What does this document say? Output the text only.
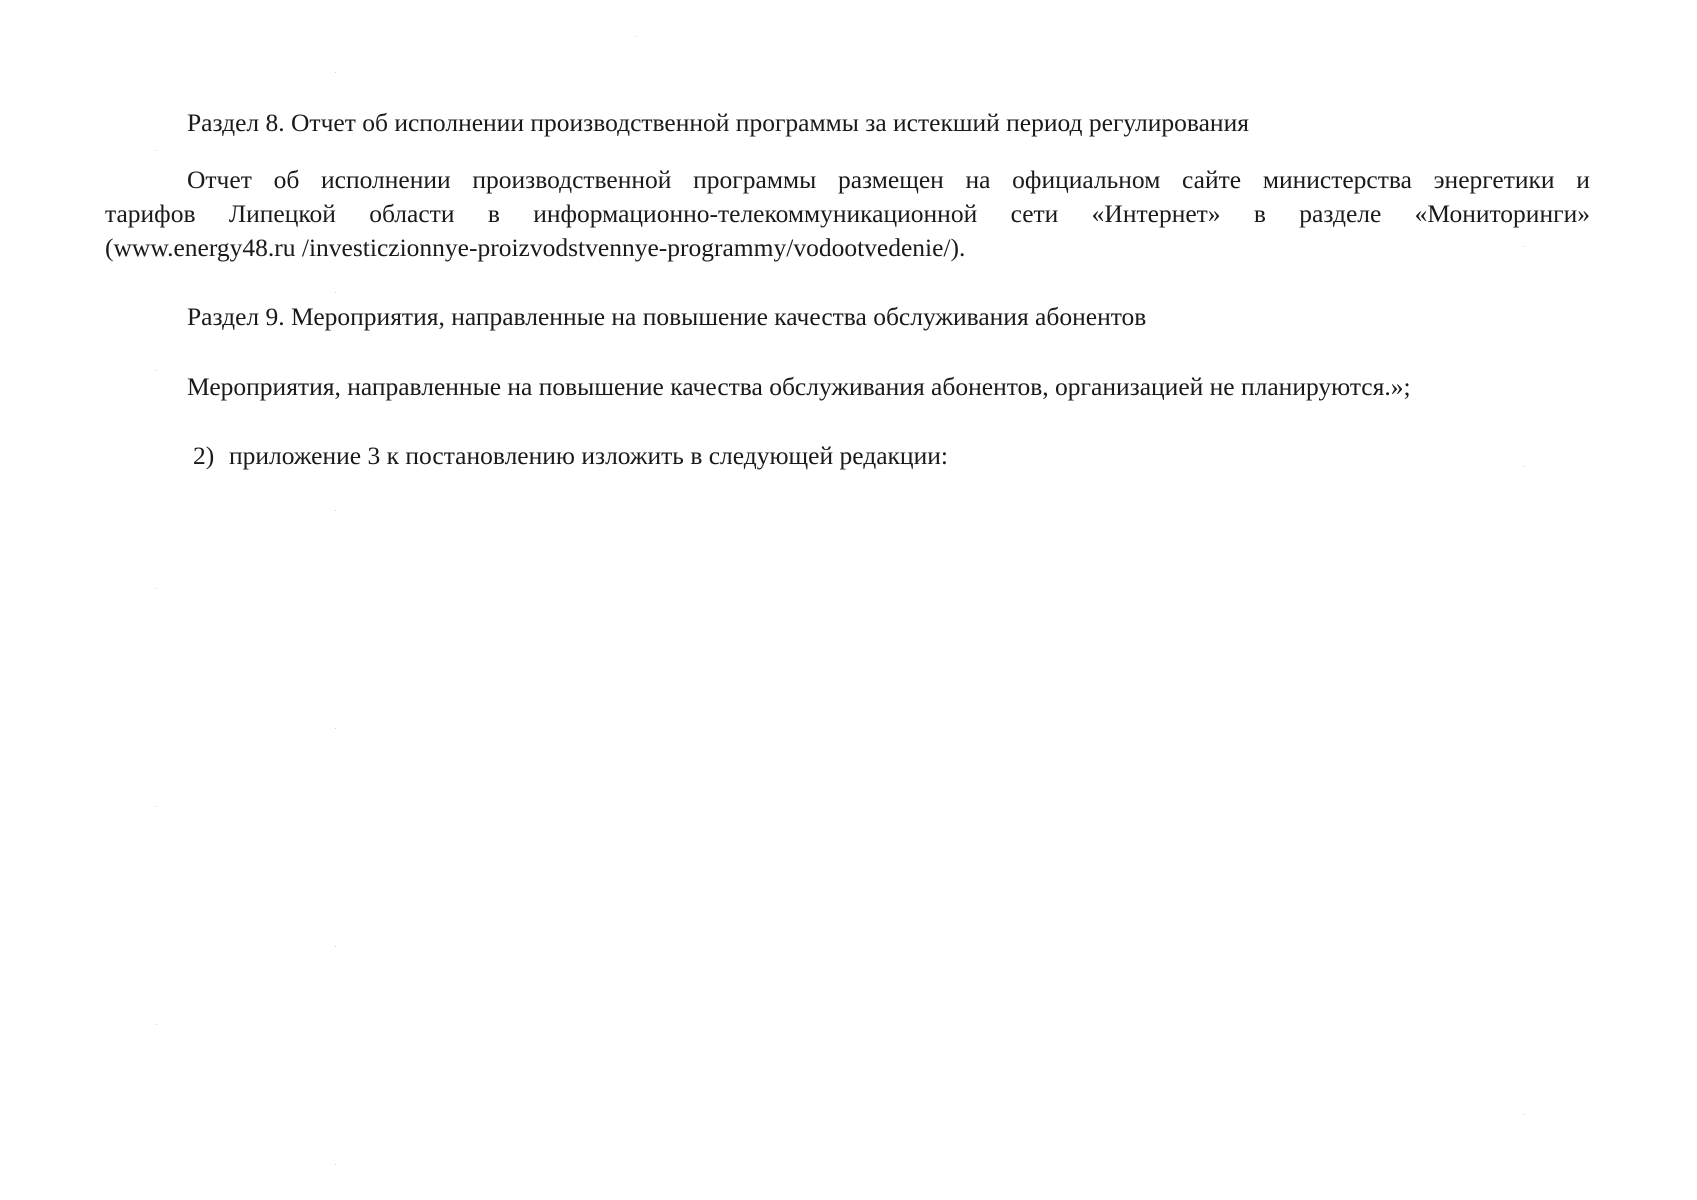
Раздел 8. Отчет об исполнении производственной программы за истекший период регулирования
Отчет об исполнении производственной программы размещен на официальном сайте министерства энергетики и
тарифов Липецкой области в информационно-телекоммуникационной сети «Интернет» в разделе «Мониторинги»
(www.energy48.ru /investiczionnye-proizvodstvennye-programmy/vodootvedenie/).
Раздел 9. Мероприятия, направленные на повышение качества обслуживания абонентов
Мероприятия, направленные на повышение качества обслуживания абонентов, организацией не планируются.»;
2) приложение 3 к постановлению изложить в следующей редакции:
